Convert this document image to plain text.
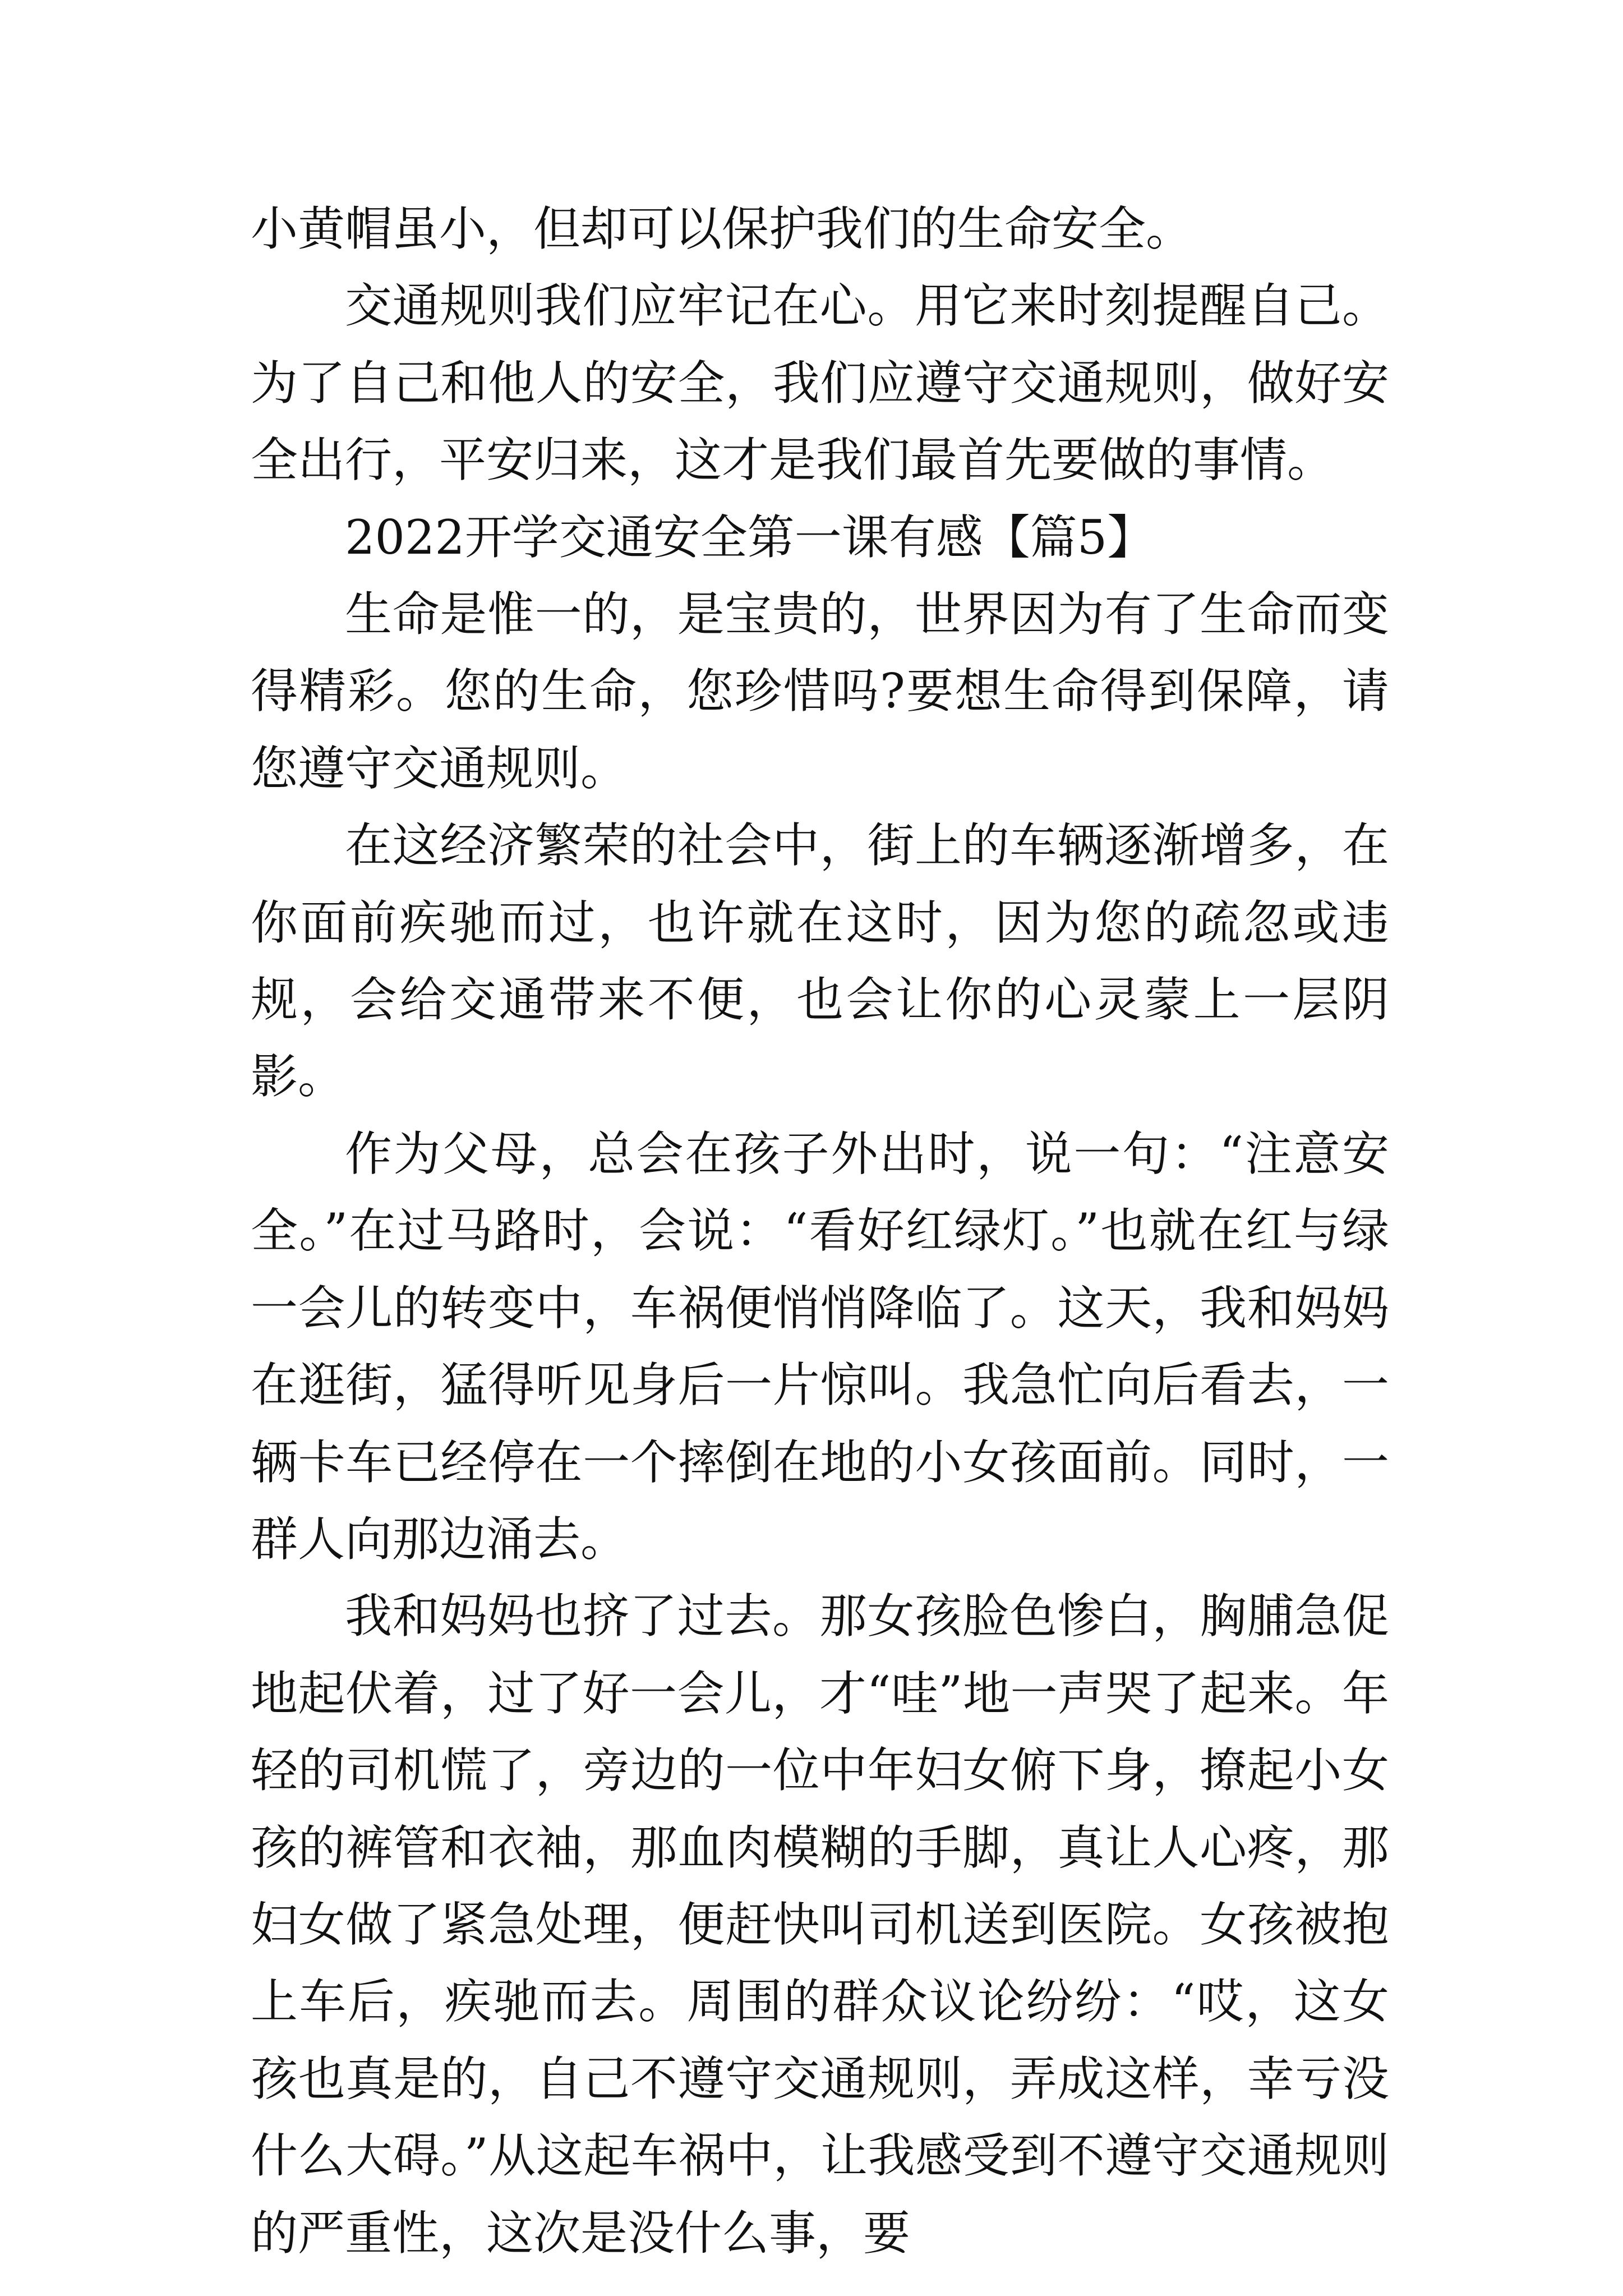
小黄帽虽小，但却可以保护我们的生命安全。

交通规则我们应牢记在心。用它来时刻提醒自己。为了自己和他人的安全，我们应遵守交通规则，做好安全出行，平安归来，这才是我们最首先要做的事情。

2022开学交通安全第一课有感【篇5】

生命是惟一的，是宝贵的，世界因为有了生命而变得精彩。您的生命，您珍惜吗?要想生命得到保障，请您遵守交通规则。

在这经济繁荣的社会中，街上的车辆逐渐增多，在你面前疾驰而过，也许就在这时，因为您的疏忽或违规，会给交通带来不便，也会让你的心灵蒙上一层阴影。

作为父母，总会在孩子外出时，说一句：“注意安全。”在过马路时，会说：“看好红绿灯。”也就在红与绿一会儿的转变中，车祸便悄悄降临了。这天，我和妈妈在逛街，猛得听见身后一片惊叫。我急忙向后看去，一辆卡车已经停在一个摔倒在地的小女孩面前。同时，一群人向那边涌去。

我和妈妈也挤了过去。那女孩脸色惨白，胸脯急促地起伏着，过了好一会儿，才“哇”地一声哭了起来。年轻的司机慌了，旁边的一位中年妇女俯下身，撩起小女孩的裤管和衣袖，那血肉模糊的手脚，真让人心疼，那妇女做了紧急处理，便赶快叫司机送到医院。女孩被抱上车后，疾驰而去。周围的群众议论纷纷：“哎，这女孩也真是的，自己不遵守交通规则，弄成这样，幸亏没什么大碍。”从这起车祸中，让我感受到不遵守交通规则的严重性，这次是没什么事，要
